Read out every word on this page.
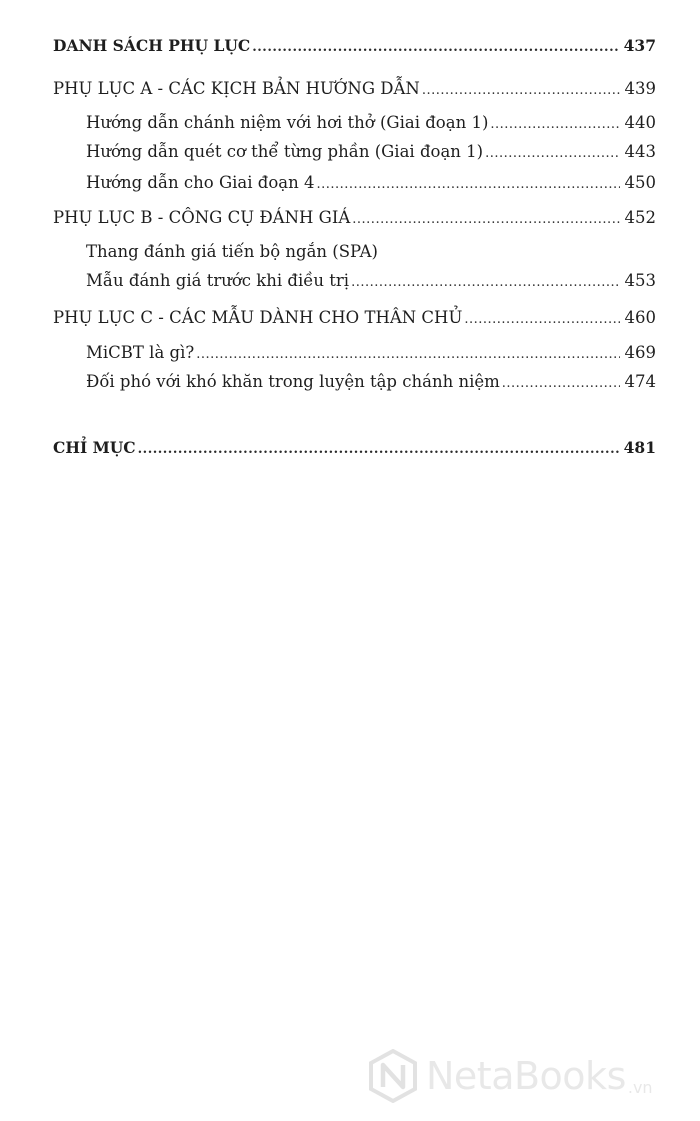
DANH SÁCH PHỤ LỤC .....	437
PHỤ LỤC A - CÁC KỊCH BẢN HƯỚNG DẪN .....	439
Hướng dẫn chánh niệm với hơi thở (Giai đoạn 1) .....	440
Hướng dẫn quét cơ thể từng phần (Giai đoạn 1) .....	443
Hướng dẫn cho Giai đoạn 4 .....	450
PHỤ LỤC B - CÔNG CỤ ĐÁNH GIÁ .....	452
Thang đánh giá tiến bộ ngắn (SPA)
Mẫu đánh giá trước khi điều trị .....	453
PHỤ LỤC C - CÁC MẪU DÀNH CHO THÂN CHỦ .....	460
MiCBT là gì? .....	469
Đối phó với khó khăn trong luyện tập chánh niệm .....	474
CHỈ MỤC .....	481
NetaBooks .vn
